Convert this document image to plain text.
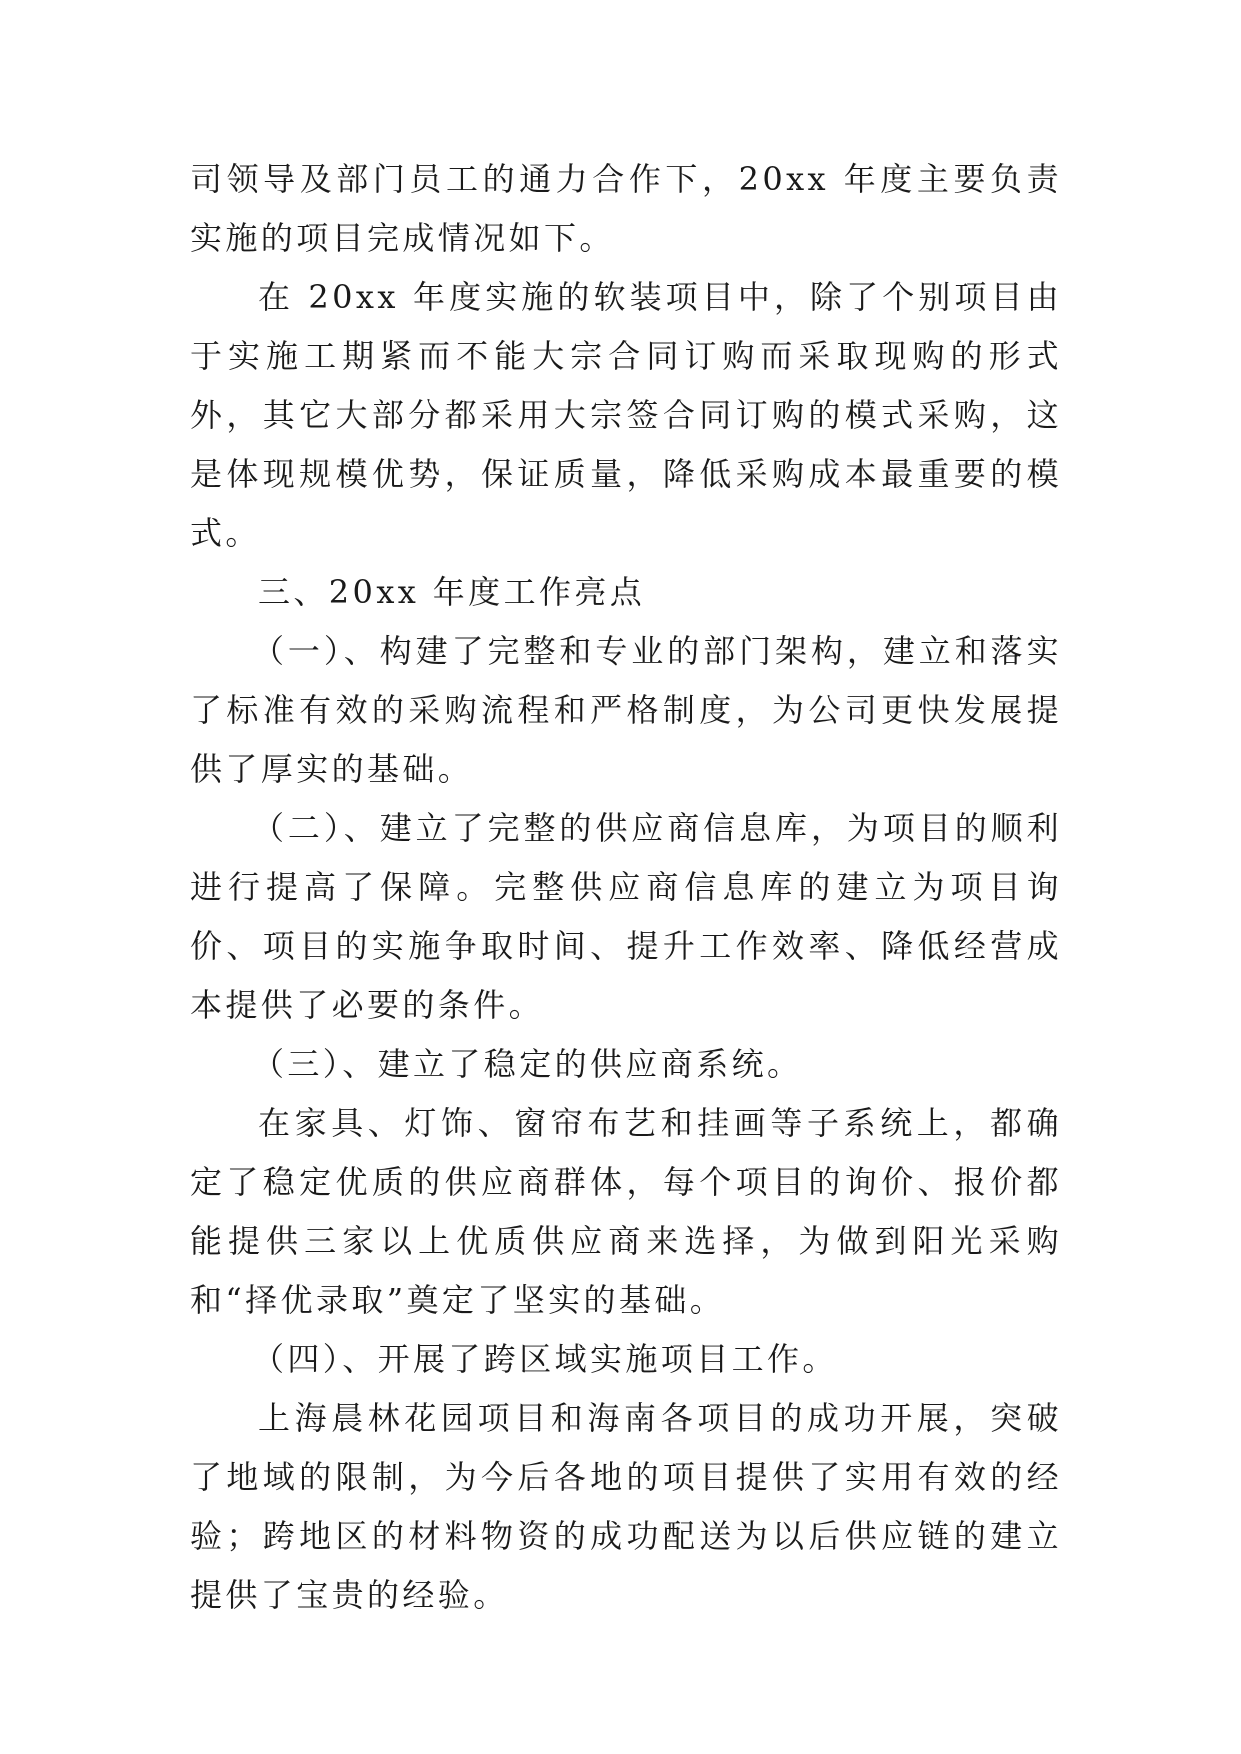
司领导及部门员工的通力合作下，20xx 年度主要负责实施的项目完成情况如下。

在 20xx 年度实施的软装项目中，除了个别项目由于实施工期紧而不能大宗合同订购而采取现购的形式外，其它大部分都采用大宗签合同订购的模式采购，这是体现规模优势，保证质量，降低采购成本最重要的模式。

三、20xx 年度工作亮点

（一）、构建了完整和专业的部门架构，建立和落实了标准有效的采购流程和严格制度，为公司更快发展提供了厚实的基础。

（二）、建立了完整的供应商信息库，为项目的顺利进行提高了保障。完整供应商信息库的建立为项目询价、项目的实施争取时间、提升工作效率、降低经营成本提供了必要的条件。

（三）、建立了稳定的供应商系统。

在家具、灯饰、窗帘布艺和挂画等子系统上，都确定了稳定优质的供应商群体，每个项目的询价、报价都能提供三家以上优质供应商来选择，为做到阳光采购和“择优录取”奠定了坚实的基础。

（四）、开展了跨区域实施项目工作。

上海晨林花园项目和海南各项目的成功开展，突破了地域的限制，为今后各地的项目提供了实用有效的经验；跨地区的材料物资的成功配送为以后供应链的建立提供了宝贵的经验。
